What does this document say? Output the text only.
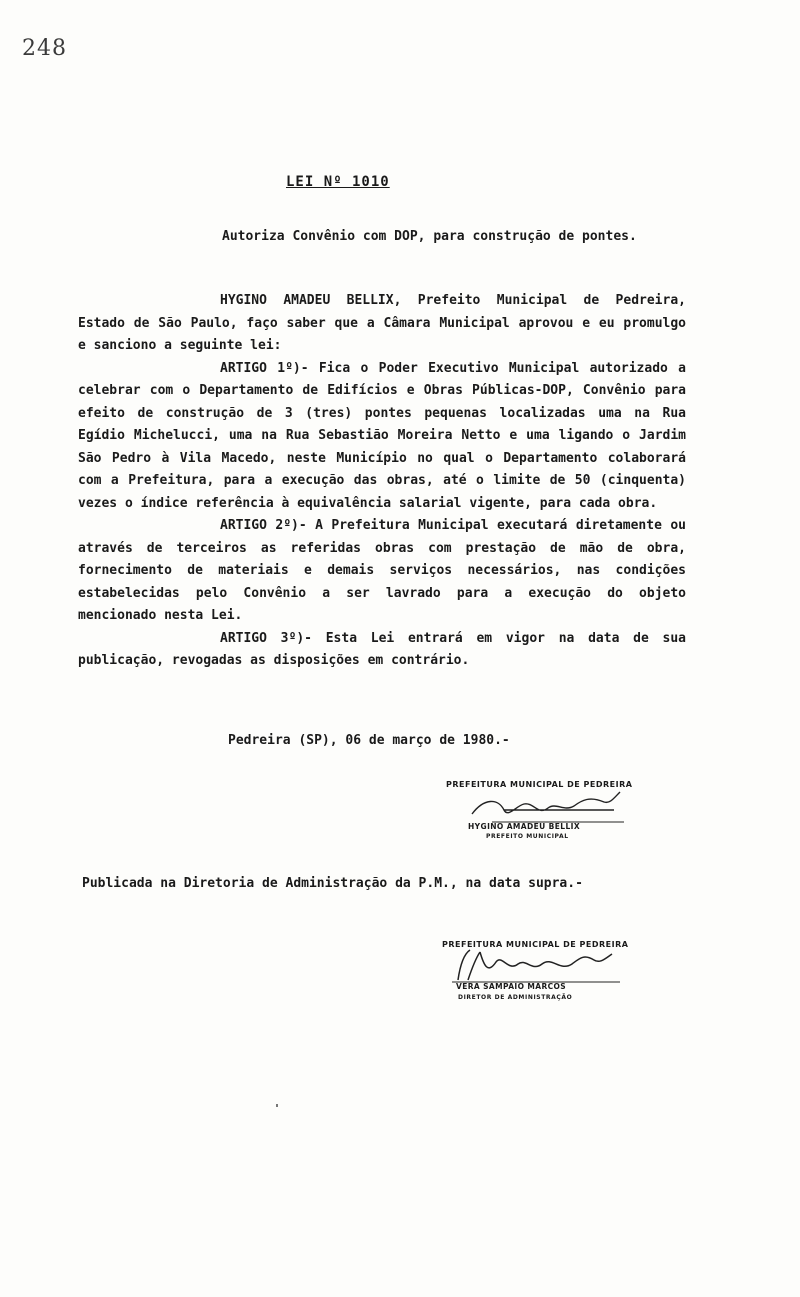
248
LEI Nº 1010
Autoriza Convênio com DOP, para construção de pontes.

HYGINO AMADEU BELLIX, Prefeito Municipal de Pedreira, Estado de São Paulo, faço saber que a Câmara Municipal aprovou e eu promulgo e sanciono a seguinte lei:

ARTIGO 1º)- Fica o Poder Executivo Municipal autorizado a celebrar com o Departamento de Edifícios e Obras Públicas-DOP, Convênio para efeito de construção de 3 (tres) pontes pequenas localizadas uma na Rua Egídio Michelucci, uma na Rua Sebastião Moreira Netto e uma ligando o Jardim São Pedro à Vila Macedo, neste Município no qual o Departamento colaborará com a Prefeitura, para a execução das obras, até o limite de 50 (cinquenta) vezes o índice referência à equivalência salarial vigente, para cada obra.

ARTIGO 2º)- A Prefeitura Municipal executará diretamente ou através de terceiros as referidas obras com prestação de mão de obra, fornecimento de materiais e demais serviços necessários, nas condições estabelecidas pelo Convênio a ser lavrado para a execução do objeto mencionado nesta Lei.

ARTIGO 3º)- Esta Lei entrará em vigor na data de sua publicação, revogadas as disposições em contrário.

Pedreira (SP), 06 de março de 1980.-
PREFEITURA MUNICIPAL DE PEDREIRA
HYGINO AMADEU BELLIX
PREFEITO MUNICIPAL
Publicada na Diretoria de Administração da P.M., na data supra.-
PREFEITURA MUNICIPAL DE PEDREIRA
VERA SAMPAIO MARCOS
DIRETOR DE ADMINISTRAÇÃO
